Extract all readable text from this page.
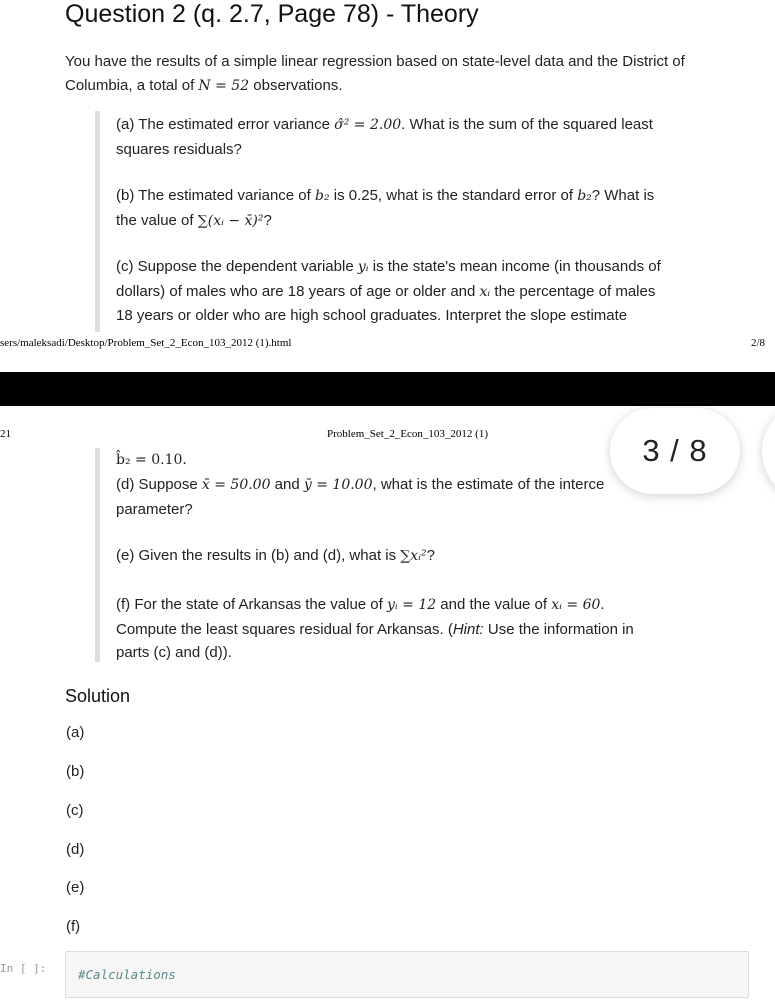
Question 2 (q. 2.7, Page 78) - Theory
You have the results of a simple linear regression based on state-level data and the District of
Columbia, a total of N = 52 observations.
(a) The estimated error variance σ̂² = 2.00. What is the sum of the squared least
squares residuals?
(b) The estimated variance of b₂ is 0.25, what is the standard error of b₂? What is
the value of ∑(xᵢ − x̄)²?
(c) Suppose the dependent variable yᵢ is the state's mean income (in thousands of
dollars) of males who are 18 years of age or older and xᵢ the percentage of males
18 years or older who are high school graduates. Interpret the slope estimate
sers/maleksadi/Desktop/Problem_Set_2_Econ_103_2012 (1).html	2/8
21	Problem_Set_2_Econ_103_2012 (1)
b̂₂ = 0.10.
(d) Suppose x̄ = 50.00 and ȳ = 10.00, what is the estimate of the interce
parameter?
(e) Given the results in (b) and (d), what is ∑xᵢ²?
(f) For the state of Arkansas the value of yᵢ = 12 and the value of xᵢ = 60.
Compute the least squares residual for Arkansas. (Hint: Use the information in
parts (c) and (d)).
3 / 8
Solution
(a)
(b)
(c)
(d)
(e)
(f)
In [ ]:	#Calculations
